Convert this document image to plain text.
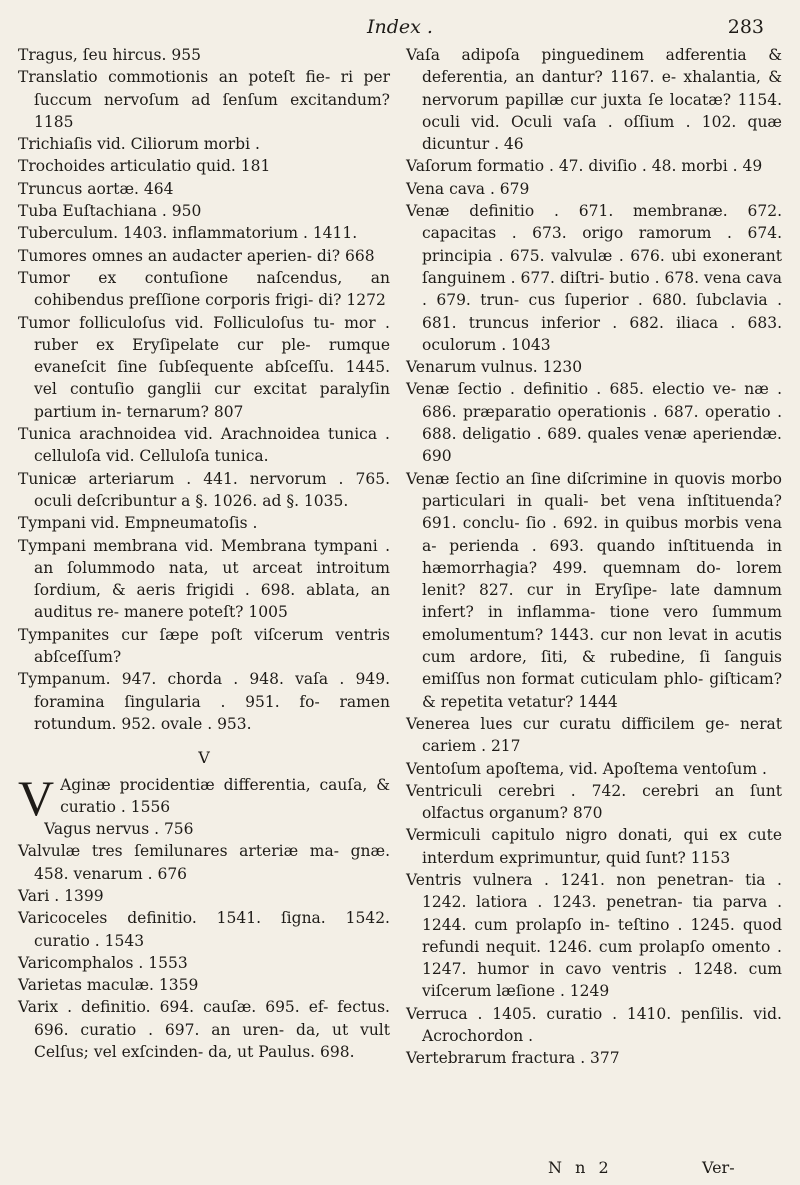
Index .	283

Tragus, ſeu hircus. 955

Translatio commotionis an poteſt fie- ri per ſuccum nervoſum ad ſenſum excitandum? 1185

Trichiaſis vid. Ciliorum morbi .

Trochoides articulatio quid. 181

Truncus aortæ. 464

Tuba Euſtachiana . 950

Tuberculum. 1403. inflammatorium . 1411.

Tumores omnes an audacter aperien- di? 668

Tumor ex contuſione naſcendus, an cohibendus preſſione corporis frigi- di? 1272

Tumor folliculoſus vid. Folliculoſus tu- mor . ruber ex Eryſipelate cur ple- rumque evaneſcit ſine ſubſequente abſceſſu. 1445. vel contuſio ganglii cur excitat paralyſin partium in- ternarum? 807

Tunica arachnoidea vid. Arachnoidea tunica . celluloſa vid. Celluloſa tunica.

Tunicæ arteriarum . 441. nervorum . 765. oculi deſcribuntur a §. 1026. ad §. 1035.

Tympani vid. Empneumatoſis .

Tympani membrana vid. Membrana tympani . an ſolummodo nata, ut arceat introitum ſordium, & aeris frigidi . 698. ablata, an auditus re- manere poteſt? 1005

Tympanites cur ſæpe poſt viſcerum ventris abſceſſum?

Tympanum. 947. chorda . 948. vaſa . 949. foramina ſingularia . 951. fo- ramen rotundum. 952. ovale . 953.

V

V Aginæ procidentiæ differentia, cauſa, & curatio . 1556

Vagus nervus . 756

Valvulæ tres ſemilunares arteriæ ma- gnæ. 458. venarum . 676

Vari . 1399

Varicoceles definitio. 1541. ſigna. 1542. curatio . 1543

Varicomphalos . 1553

Varietas maculæ. 1359

Varix . definitio. 694. cauſæ. 695. ef- fectus. 696. curatio . 697. an uren- da, ut vult Celſus; vel exſcinden- da, ut Paulus. 698.

Vaſa adipoſa pinguedinem adferentia & deferentia, an dantur? 1167. e- xhalantia, & nervorum papillæ cur juxta ſe locatæ? 1154. oculi vid. Oculi vaſa . oſſium . 102. quæ dicuntur . 46

Vaſorum formatio . 47. diviſio . 48. morbi . 49

Vena cava . 679

Venæ definitio . 671. membranæ. 672. capacitas . 673. origo ramorum . 674. principia . 675. valvulæ . 676. ubi exonerant ſanguinem . 677. diſtri- butio . 678. vena cava . 679. trun- cus ſuperior . 680. ſubclavia . 681. truncus inferior . 682. iliaca . 683. oculorum . 1043

Venarum vulnus. 1230

Venæ ſectio . definitio . 685. electio ve- næ . 686. præparatio operationis . 687. operatio . 688. deligatio . 689. quales venæ aperiendæ. 690

Venæ ſectio an ſine diſcrimine in quovis morbo particulari in quali- bet vena inſtituenda? 691. conclu- ſio . 692. in quibus morbis vena a- perienda . 693. quando inſtituenda in hæmorrhagia? 499. quemnam do- lorem lenit? 827. cur in Eryſipe- late damnum infert? in inflamma- tione vero ſummum emolumentum? 1443. cur non levat in acutis cum ardore, ſiti, & rubedine, ſi ſanguis emiſſus non format cuticulam phlo- giſticam? & repetita vetatur? 1444

Venerea lues cur curatu difficilem ge- nerat cariem . 217

Ventoſum apoſtema, vid. Apoſtema ventoſum .

Ventriculi cerebri . 742. cerebri an ſunt olfactus organum? 870

Vermiculi capitulo nigro donati, qui ex cute interdum exprimuntur, quid ſunt? 1153

Ventris vulnera . 1241. non penetran- tia . 1242. latiora . 1243. penetran- tia parva . 1244. cum prolapſo in- teſtino . 1245. quod refundi nequit. 1246. cum prolapſo omento . 1247. humor in cavo ventris . 1248. cum viſcerum læſione . 1249

Verruca . 1405. curatio . 1410. penſilis. vid. Acrochordon .

Vertebrarum fractura . 377

N n 2	Ver-
